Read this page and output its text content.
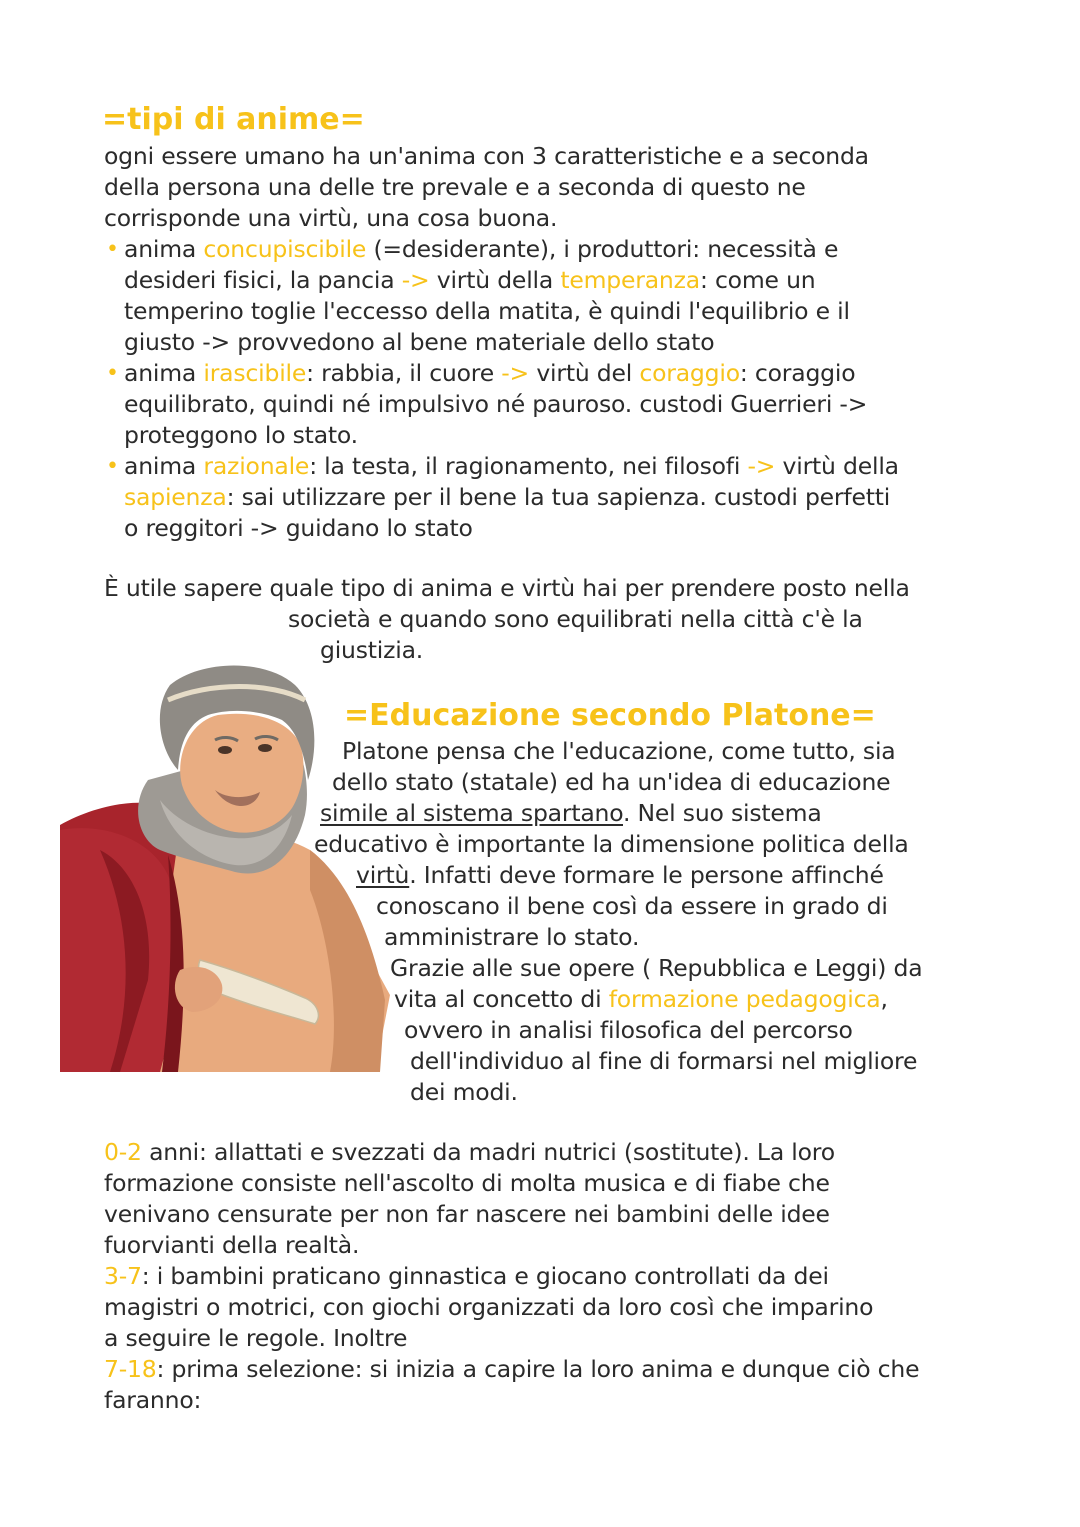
=tipi di anime=
ogni essere umano ha un'anima con 3 caratteristiche e a seconda
della persona una delle tre prevale e a seconda di questo ne
corrisponde una virtù, una cosa buona.
• anima concupiscibile (=desiderante), i produttori: necessità e
desideri fisici, la pancia -> virtù della temperanza: come un
temperino toglie l'eccesso della matita, è quindi l'equilibrio e il
giusto -> provvedono al bene materiale dello stato
• anima irascibile: rabbia, il cuore -> virtù del coraggio: coraggio
equilibrato, quindi né impulsivo né pauroso. custodi Guerrieri ->
proteggono lo stato.
• anima razionale: la testa, il ragionamento, nei filosofi -> virtù della
sapienza: sai utilizzare per il bene la tua sapienza. custodi perfetti
o reggitori -> guidano lo stato
È utile sapere quale tipo di anima e virtù hai per prendere posto nella
società e quando sono equilibrati nella città c'è la
giustizia.
=Educazione secondo Platone=
Platone pensa che l'educazione, come tutto, sia
dello stato (statale) ed ha un'idea di educazione
simile al sistema spartano. Nel suo sistema
educativo è importante la dimensione politica della
virtù. Infatti deve formare le persone affinché
conoscano il bene così da essere in grado di
amministrare lo stato.
Grazie alle sue opere ( Repubblica e Leggi) da
vita al concetto di formazione pedagogica,
ovvero in analisi filosofica del percorso
dell'individuo al fine di formarsi nel migliore
dei modi.
0-2 anni: allattati e svezzati da madri nutrici (sostitute). La loro
formazione consiste nell'ascolto di molta musica e di fiabe che
venivano censurate per non far nascere nei bambini delle idee
fuorvianti della realtà.
3-7: i bambini praticano ginnastica e giocano controllati da dei
magistri o motrici, con giochi organizzati da loro così che imparino
a seguire le regole. Inoltre
7-18: prima selezione: si inizia a capire la loro anima e dunque ciò che
faranno:
